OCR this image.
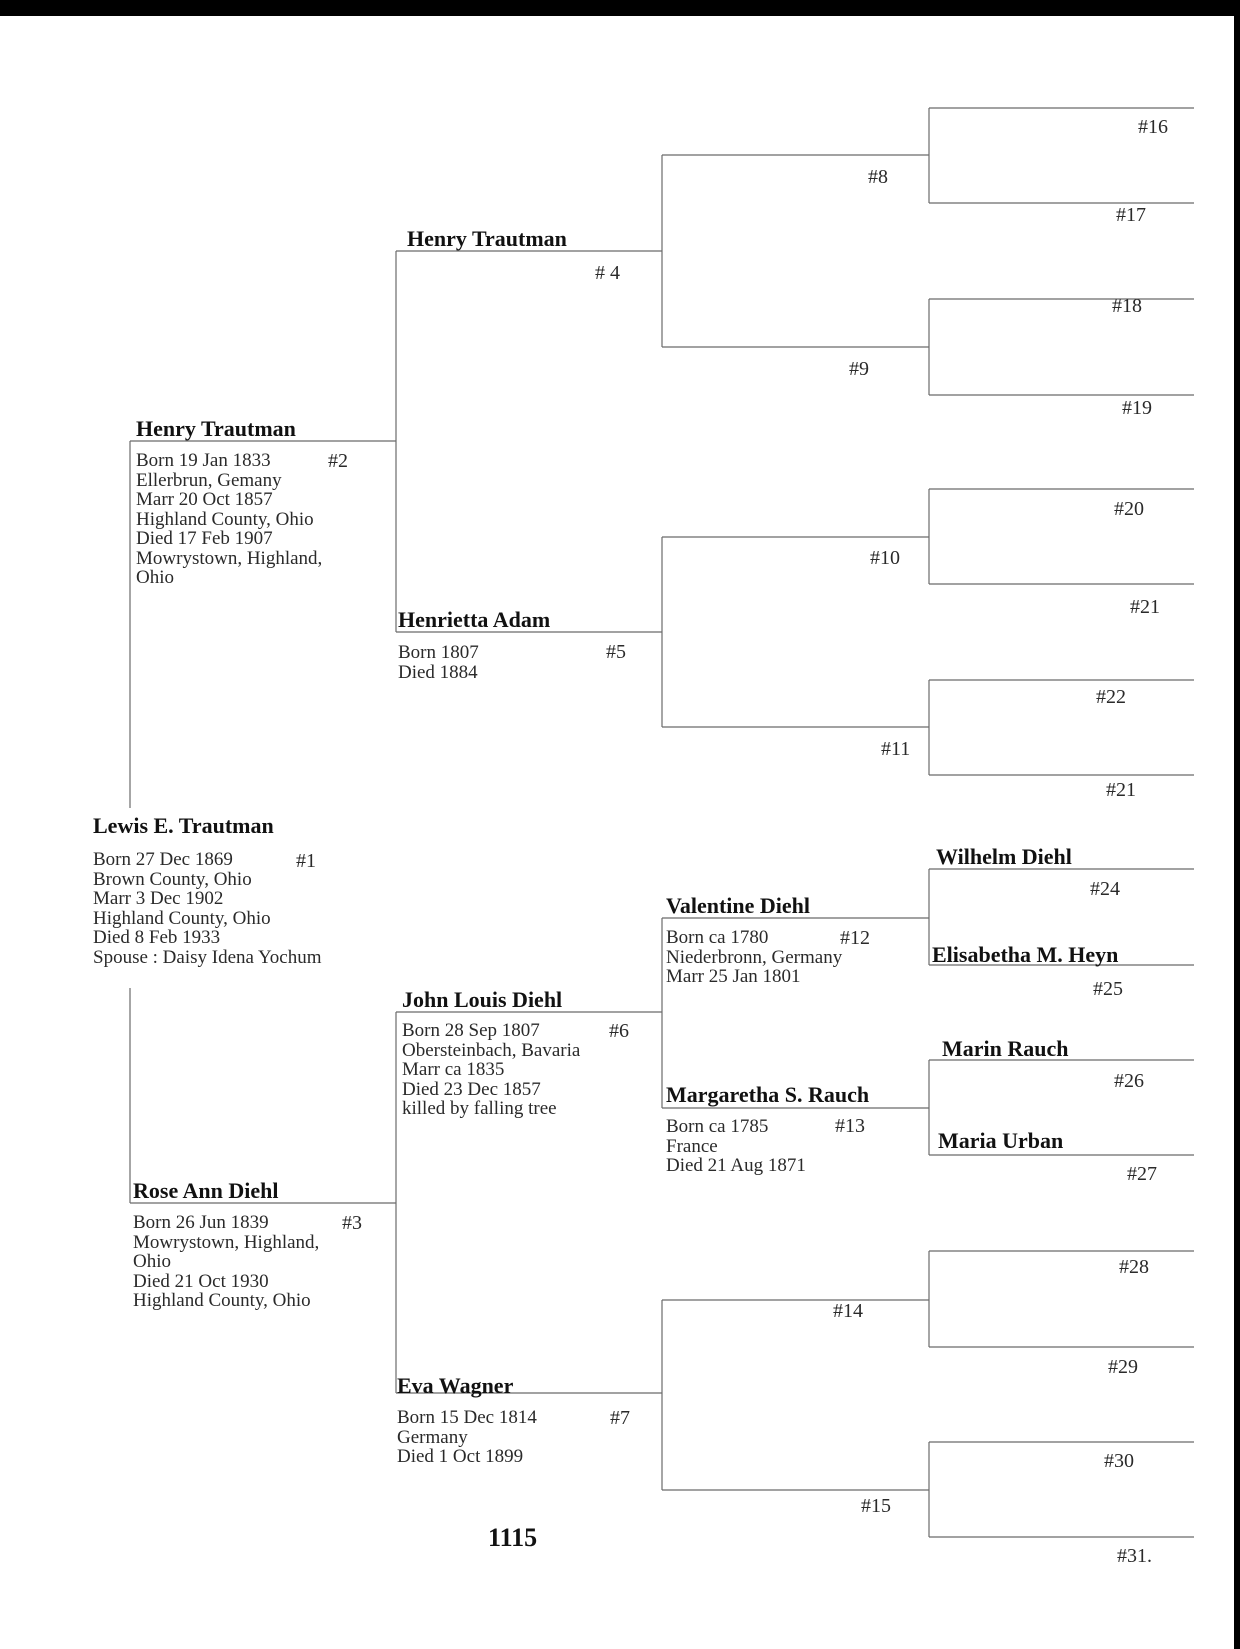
Lewis E. Trautman
Born 27 Dec 1869
Brown County, Ohio
Marr 3 Dec 1902
Highland County, Ohio
Died 8 Feb 1933
Spouse : Daisy Idena Yochum
#1
Henry Trautman
Born 19 Jan 1833
Ellerbrun, Gemany
Marr 20 Oct 1857
Highland County, Ohio
Died 17 Feb 1907
Mowrystown, Highland,
Ohio
#2
Rose Ann Diehl
Born 26 Jun 1839
Mowrystown, Highland,
Ohio
Died 21 Oct 1930
Highland County, Ohio
#3
Henry Trautman
# 4
Henrietta Adam
Born 1807
Died 1884
#5
John Louis Diehl
Born 28 Sep 1807
Obersteinbach, Bavaria
Marr ca 1835
Died 23 Dec 1857
killed by falling tree
#6
Eva Wagner
Born 15 Dec 1814
Germany
Died 1 Oct 1899
#7
#8
#9
#10
#11
Valentine Diehl
Born ca 1780
Niederbronn, Germany
Marr 25 Jan 1801
#12
Margaretha S. Rauch
Born ca 1785
France
Died 21 Aug 1871
#13
#14
#15
#16
#17
#18
#19
#20
#21
#22
#21
Wilhelm Diehl
#24
Elisabetha M. Heyn
#25
Marin Rauch
#26
Maria Urban
#27
#28
#29
#30
#31.
1115
